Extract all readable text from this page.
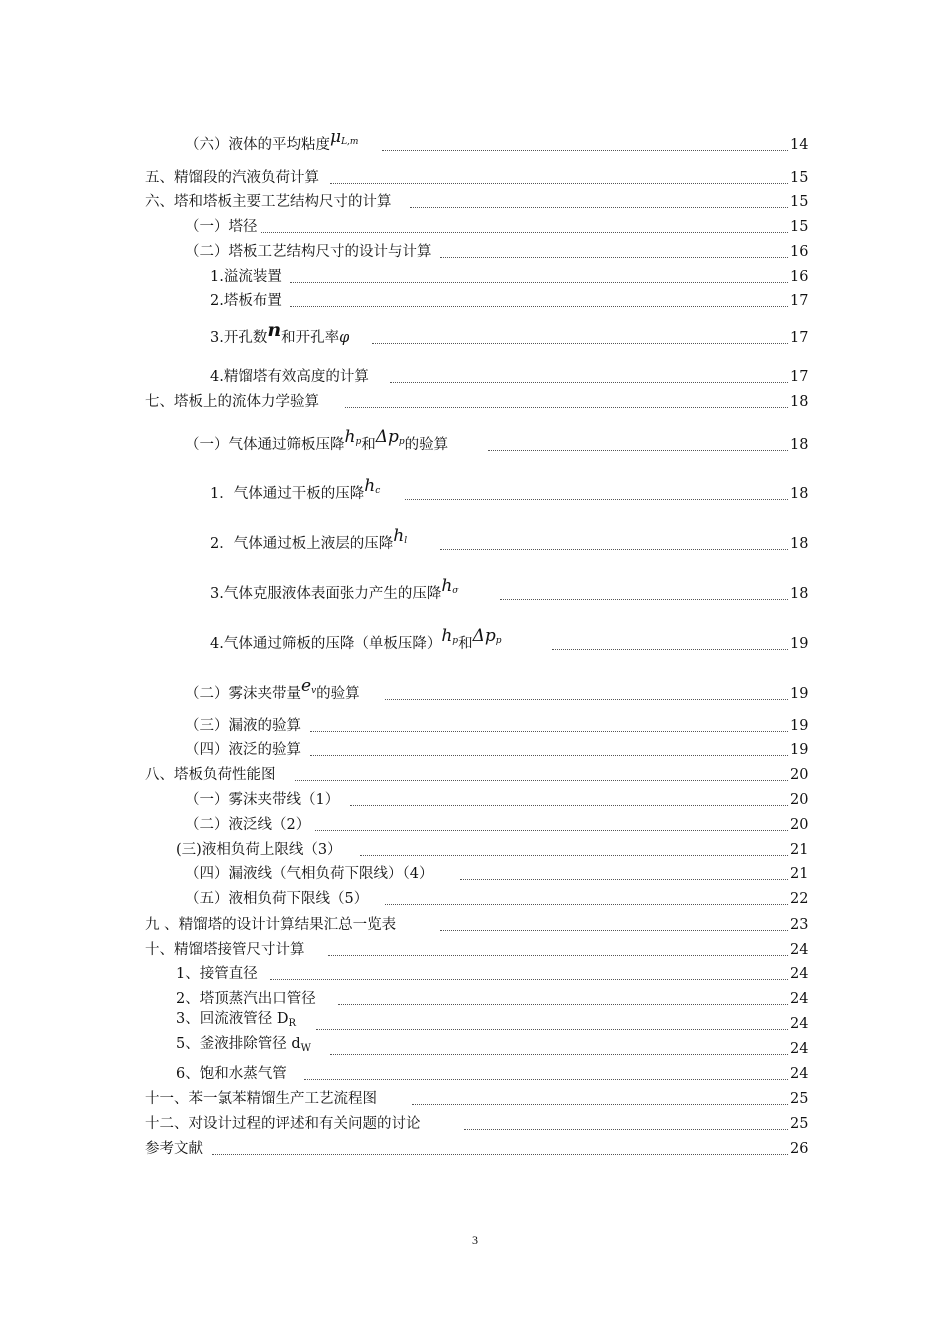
（六）液体的平均粘度$\mu_{L,m}$	14
五、精馏段的汽液负荷计算	15
六、塔和塔板主要工艺结构尺寸的计算	15
（一）塔径	15
（二）塔板工艺结构尺寸的设计与计算	16
1.溢流装置	16
2.塔板布置	17
3.开孔数n和开孔率φ	17
4.精馏塔有效高度的计算	17
七、塔板上的流体力学验算	18
（一）气体通过筛板压降$h_p$和$\Delta p_p$的验算	18
1．气体通过干板的压降$h_c$	18
2．气体通过板上液层的压降$h_l$	18
3.气体克服液体表面张力产生的压降$h_\sigma$	18
4.气体通过筛板的压降（单板压降）$h_p$和$\Delta p_p$	19
（二）雾沫夹带量$e_v$的验算	19
（三）漏液的验算	19
（四）液泛的验算	19
八、塔板负荷性能图	20
（一）雾沫夹带线（1）	20
（二）液泛线（2）	20
(三)液相负荷上限线（3）	21
（四）漏液线（气相负荷下限线）（4）	21
（五）液相负荷下限线（5）	22
九 、精馏塔的设计计算结果汇总一览表	23
十、精馏塔接管尺寸计算	24
1、接管直径	24
2、塔顶蒸汽出口管径	24
3、回流液管径 $D_R$	24
5、釜液排除管径 $d_W$	24
6、饱和水蒸气管	24
十一、苯一氯苯精馏生产工艺流程图	25
十二、对设计过程的评述和有关问题的讨论	25
参考文献	26
3
